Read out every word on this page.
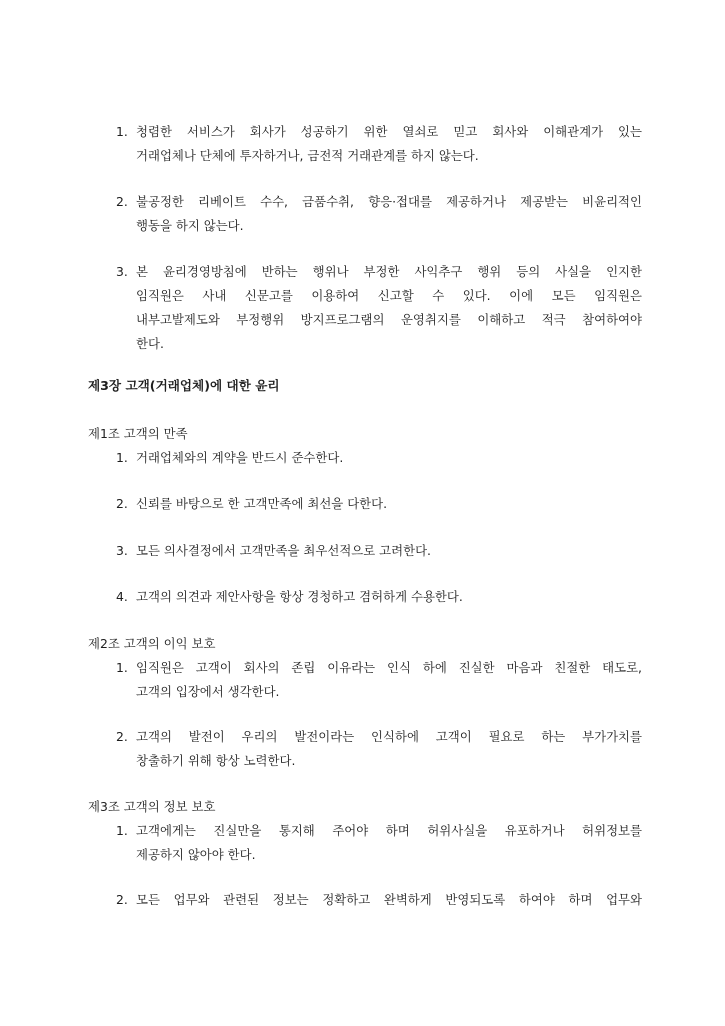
1. 청렴한 서비스가 회사가 성공하기 위한 열쇠로 믿고 회사와 이해관계가 있는
거래업체나 단체에 투자하거나, 금전적 거래관계를 하지 않는다.
2. 불공정한 리베이트 수수, 금품수취, 향응·접대를 제공하거나 제공받는 비윤리적인
행동을 하지 않는다.
3. 본 윤리경영방침에 반하는 행위나 부정한 사익추구 행위 등의 사실을 인지한
임직원은 사내 신문고를 이용하여 신고할 수 있다. 이에 모든 임직원은
내부고발제도와 부정행위 방지프로그램의 운영취지를 이해하고 적극 참여하여야
한다.
제3장 고객(거래업체)에 대한 윤리
제1조 고객의 만족
1. 거래업체와의 계약을 반드시 준수한다.
2. 신뢰를 바탕으로 한 고객만족에 최선을 다한다.
3. 모든 의사결정에서 고객만족을 최우선적으로 고려한다.
4. 고객의 의견과 제안사항을 항상 경청하고 겸허하게 수용한다.
제2조 고객의 이익 보호
1. 임직원은 고객이 회사의 존립 이유라는 인식 하에 진실한 마음과 친절한 태도로,
고객의 입장에서 생각한다.
2. 고객의 발전이 우리의 발전이라는 인식하에 고객이 필요로 하는 부가가치를
창출하기 위해 항상 노력한다.
제3조 고객의 정보 보호
1. 고객에게는 진실만을 통지해 주어야 하며 허위사실을 유포하거나 허위정보를
제공하지 않아야 한다.
2. 모든 업무와 관련된 정보는 정확하고 완벽하게 반영되도록 하여야 하며 업무와
